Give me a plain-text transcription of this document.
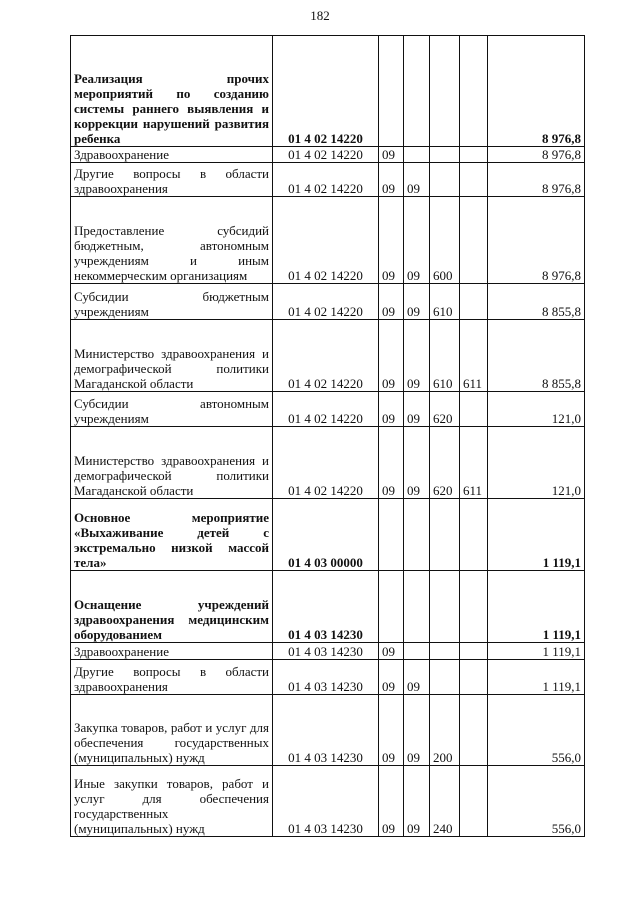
182
Реализация прочих мероприятий по созданию системы раннего выявления и коррекции нарушений развития ребенка	01 4 02 14220					8 976,8
Здравоохранение	01 4 02 14220	09				8 976,8
Другие вопросы в области здравоохранения	01 4 02 14220	09	09			8 976,8
Предоставление субсидий бюджетным, автономным учреждениям и иным некоммерческим организациям	01 4 02 14220	09	09	600		8 976,8
Субсидии бюджетным учреждениям	01 4 02 14220	09	09	610		8 855,8
Министерство здравоохранения и демографической политики Магаданской области	01 4 02 14220	09	09	610	611	8 855,8
Субсидии автономным учреждениям	01 4 02 14220	09	09	620		121,0
Министерство здравоохранения и демографической политики Магаданской области	01 4 02 14220	09	09	620	611	121,0
Основное мероприятие «Выхаживание детей с экстремально низкой массой тела»	01 4 03 00000					1 119,1
Оснащение учреждений здравоохранения медицинским оборудованием	01 4 03 14230					1 119,1
Здравоохранение	01 4 03 14230	09				1 119,1
Другие вопросы в области здравоохранения	01 4 03 14230	09	09			1 119,1
Закупка товаров, работ и услуг для обеспечения государственных (муниципальных) нужд	01 4 03 14230	09	09	200		556,0
Иные закупки товаров, работ и услуг для обеспечения государственных (муниципальных) нужд	01 4 03 14230	09	09	240		556,0
